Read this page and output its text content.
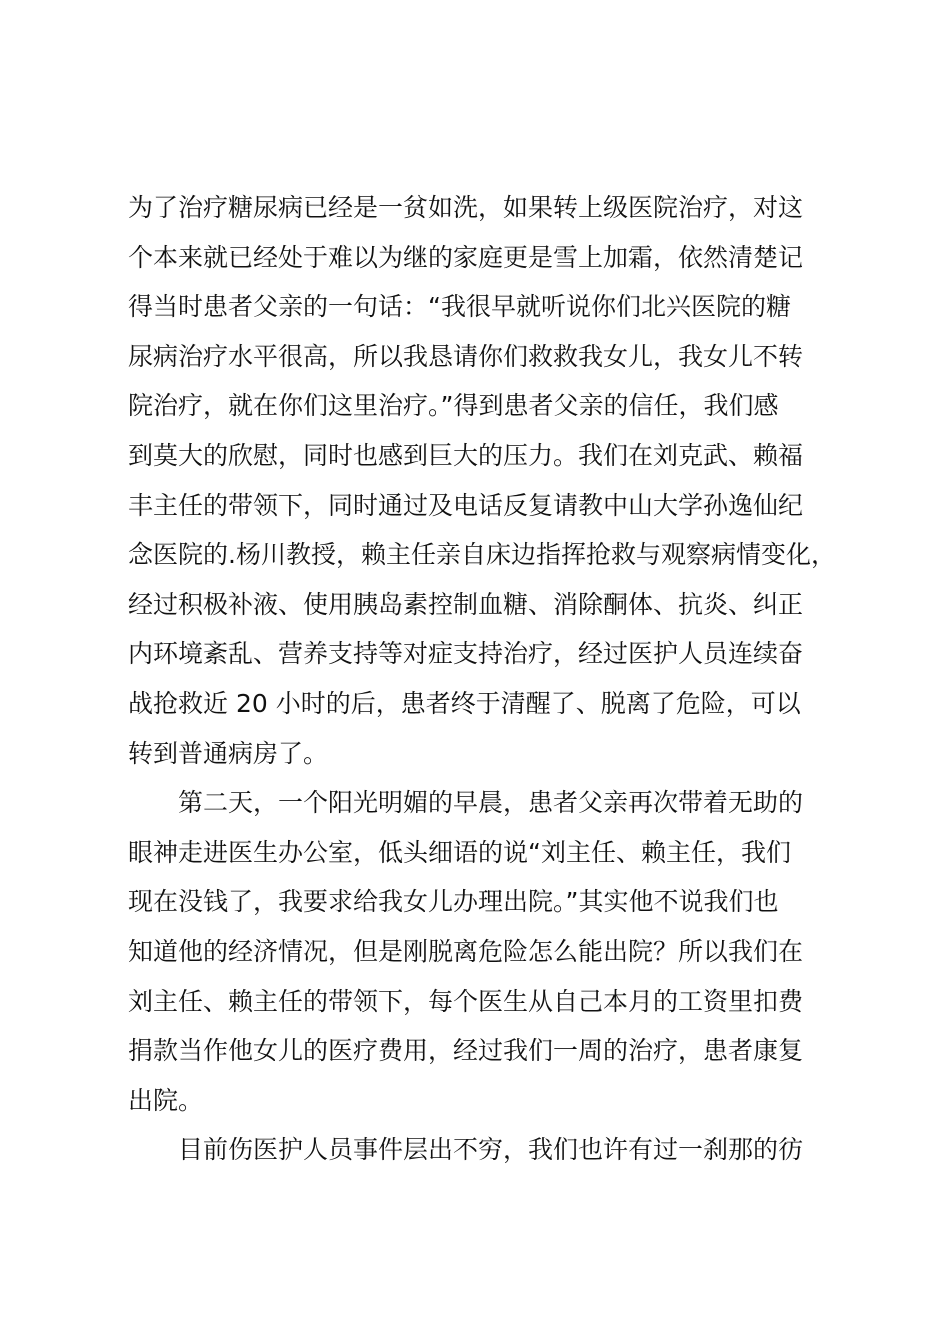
为了治疗糖尿病已经是一贫如洗，如果转上级医院治疗，对这
个本来就已经处于难以为继的家庭更是雪上加霜，依然清楚记
得当时患者父亲的一句话：“我很早就听说你们北兴医院的糖
尿病治疗水平很高，所以我恳请你们救救我女儿，我女儿不转
院治疗，就在你们这里治疗。”得到患者父亲的信任，我们感
到莫大的欣慰，同时也感到巨大的压力。我们在刘克武、赖福
丰主任的带领下，同时通过及电话反复请教中山大学孙逸仙纪
念医院的.杨川教授，赖主任亲自床边指挥抢救与观察病情变化，
经过积极补液、使用胰岛素控制血糖、消除酮体、抗炎、纠正
内环境紊乱、营养支持等对症支持治疗，经过医护人员连续奋
战抢救近 20 小时的后，患者终于清醒了、脱离了危险，可以
转到普通病房了。
第二天，一个阳光明媚的早晨，患者父亲再次带着无助的
眼神走进医生办公室，低头细语的说“刘主任、赖主任，我们
现在没钱了，我要求给我女儿办理出院。”其实他不说我们也
知道他的经济情况，但是刚脱离危险怎么能出院？所以我们在
刘主任、赖主任的带领下，每个医生从自己本月的工资里扣费
捐款当作他女儿的医疗费用，经过我们一周的治疗，患者康复
出院。
目前伤医护人员事件层出不穷，我们也许有过一刹那的彷
